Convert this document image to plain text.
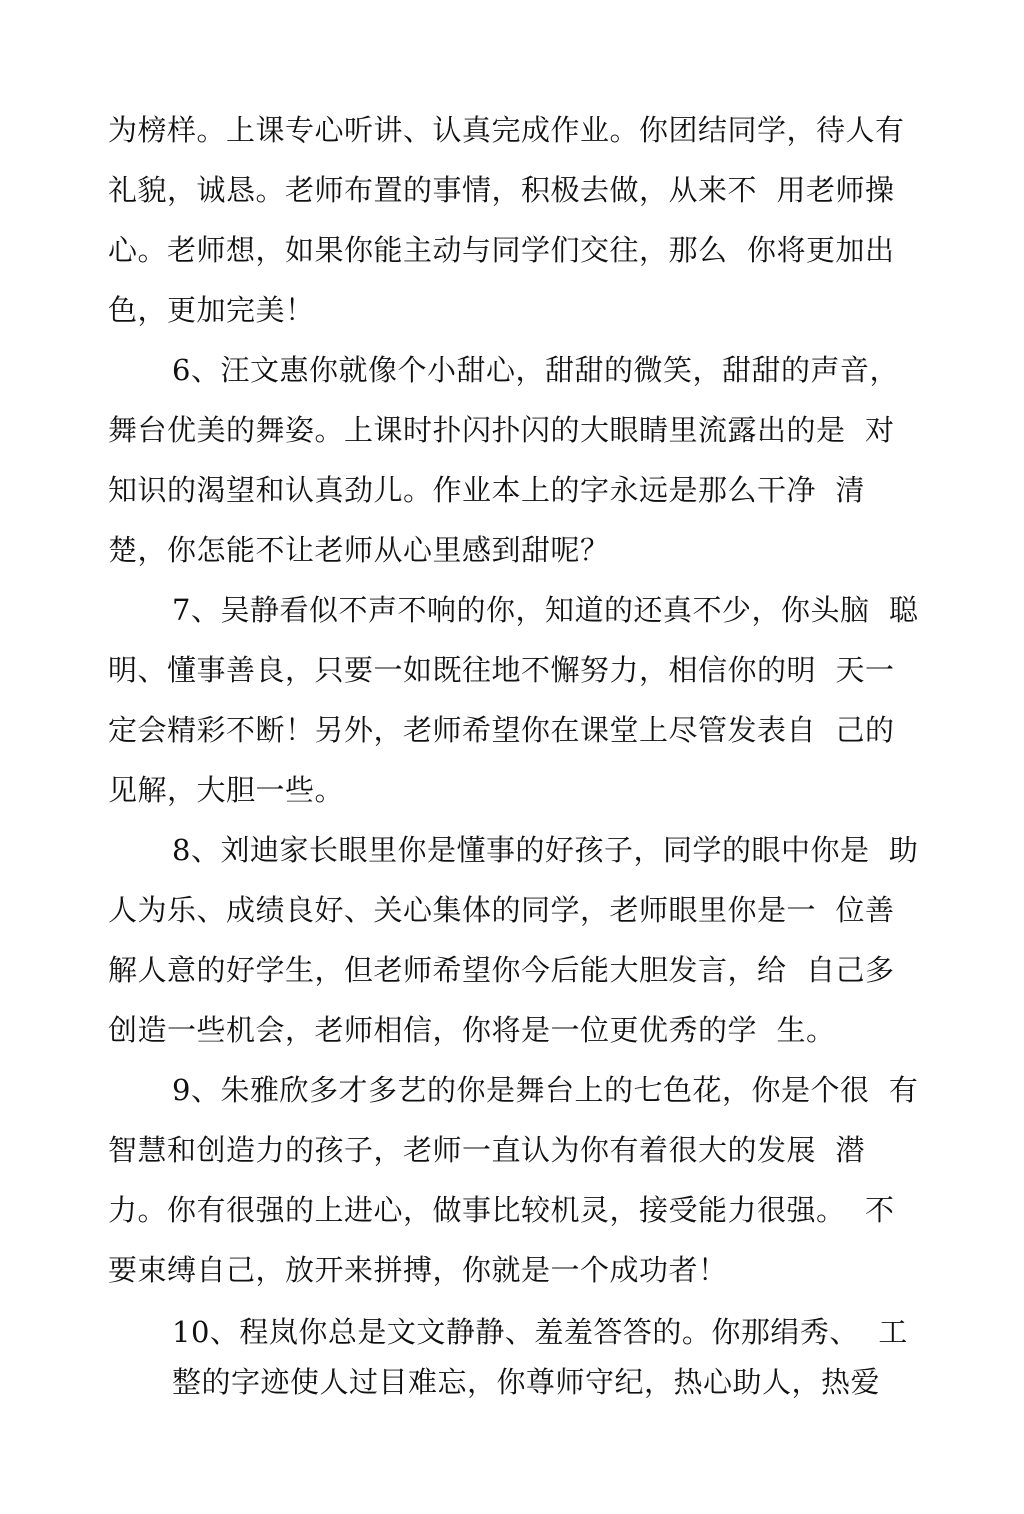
为榜样。上课专心听讲、认真完成作业。你团结同学，待人有
礼貌，诚恳。老师布置的事情，积极去做，从来不  用老师操
心。老师想，如果你能主动与同学们交往，那么  你将更加出
色，更加完美！
6、汪文惠你就像个小甜心，甜甜的微笑，甜甜的声音，
舞台优美的舞姿。上课时扑闪扑闪的大眼睛里流露出的是  对
知识的渴望和认真劲儿。作业本上的字永远是那么干净  清
楚，你怎能不让老师从心里感到甜呢？
7、吴静看似不声不响的你，知道的还真不少，你头脑  聪
明、懂事善良，只要一如既往地不懈努力，相信你的明  天一
定会精彩不断！另外，老师希望你在课堂上尽管发表自  己的
见解，大胆一些。
8、刘迪家长眼里你是懂事的好孩子，同学的眼中你是  助
人为乐、成绩良好、关心集体的同学，老师眼里你是一  位善
解人意的好学生，但老师希望你今后能大胆发言，给  自己多
创造一些机会，老师相信，你将是一位更优秀的学  生。
9、朱雅欣多才多艺的你是舞台上的七色花，你是个很  有
智慧和创造力的孩子，老师一直认为你有着很大的发展  潜
力。你有很强的上进心，做事比较机灵，接受能力很强。  不
要束缚自己，放开来拼搏，你就是一个成功者！
10、程岚你总是文文静静、羞羞答答的。你那绢秀、  工
整的字迹使人过目难忘，你尊师守纪，热心助人，热爱
